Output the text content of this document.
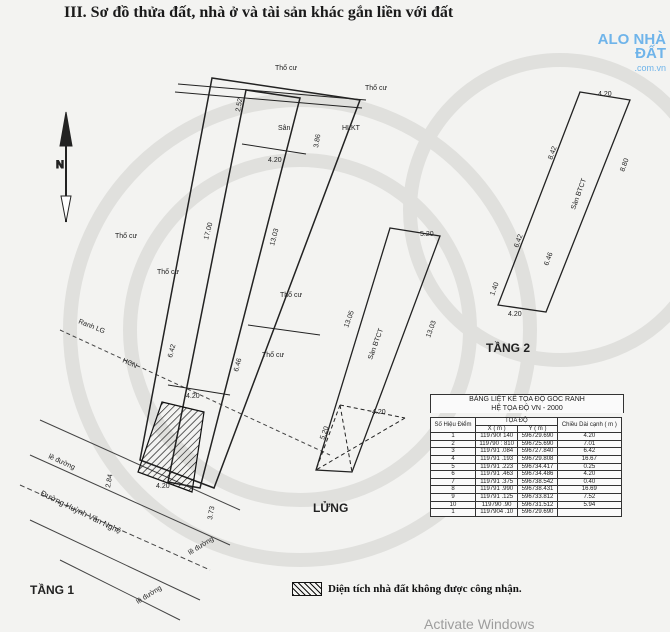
N
Thổ cư
Thổ cư
Thổ cư
Thổ cư
Thổ cư
Thổ cư
Sân	HLKT
Ranh LG
HCN
lề đường
lề đường
lề đường
Đường Huỳnh Văn Nghệ
Sàn BTCT
Sàn BTCT
4.20
17.00	13.03
6.42
6.46
4.20
4.20
2.52
3.86
2.84
3.73
5.20
4.20
13.05
13.03
5.20
4.20
4.20
8.42
8.80
6.42
6.46
1.40
TẦNG 2
LỬNG
TẦNG 1
III. Sơ đồ thửa đất, nhà ở và tài sản khác gắn liền với đất
ALO NHÀ ĐẤT
.com.vn
BẢNG LIỆT KÊ TỌA ĐỘ GÓC RANH
HỆ TỌA ĐỘ VN - 2000
Số Hiệu Điểm	TỌA ĐỘ		Chiều Dài cạnh ( m )
	X ( m )	Y ( m )	
1	119790! 140	596729.690	4.20
2	119790 : 810	596725.690	7.01
3	119791 .084	596727.840	6.42
4	119791 .193	596729.808	16.67
5	119791 .223	596734.417	0.25
6	119791 .463	596734.486	4.20
7	119791 .375	596738.542	0.40
8	119791 .990	596738.431	16.69
9	119791 .125	596733.812	7.52
10	119790 .90	596731.512	5.94
1	1197904 .10	596729.690	
Diện tích nhà đất không được công nhận.
Activate Windows
